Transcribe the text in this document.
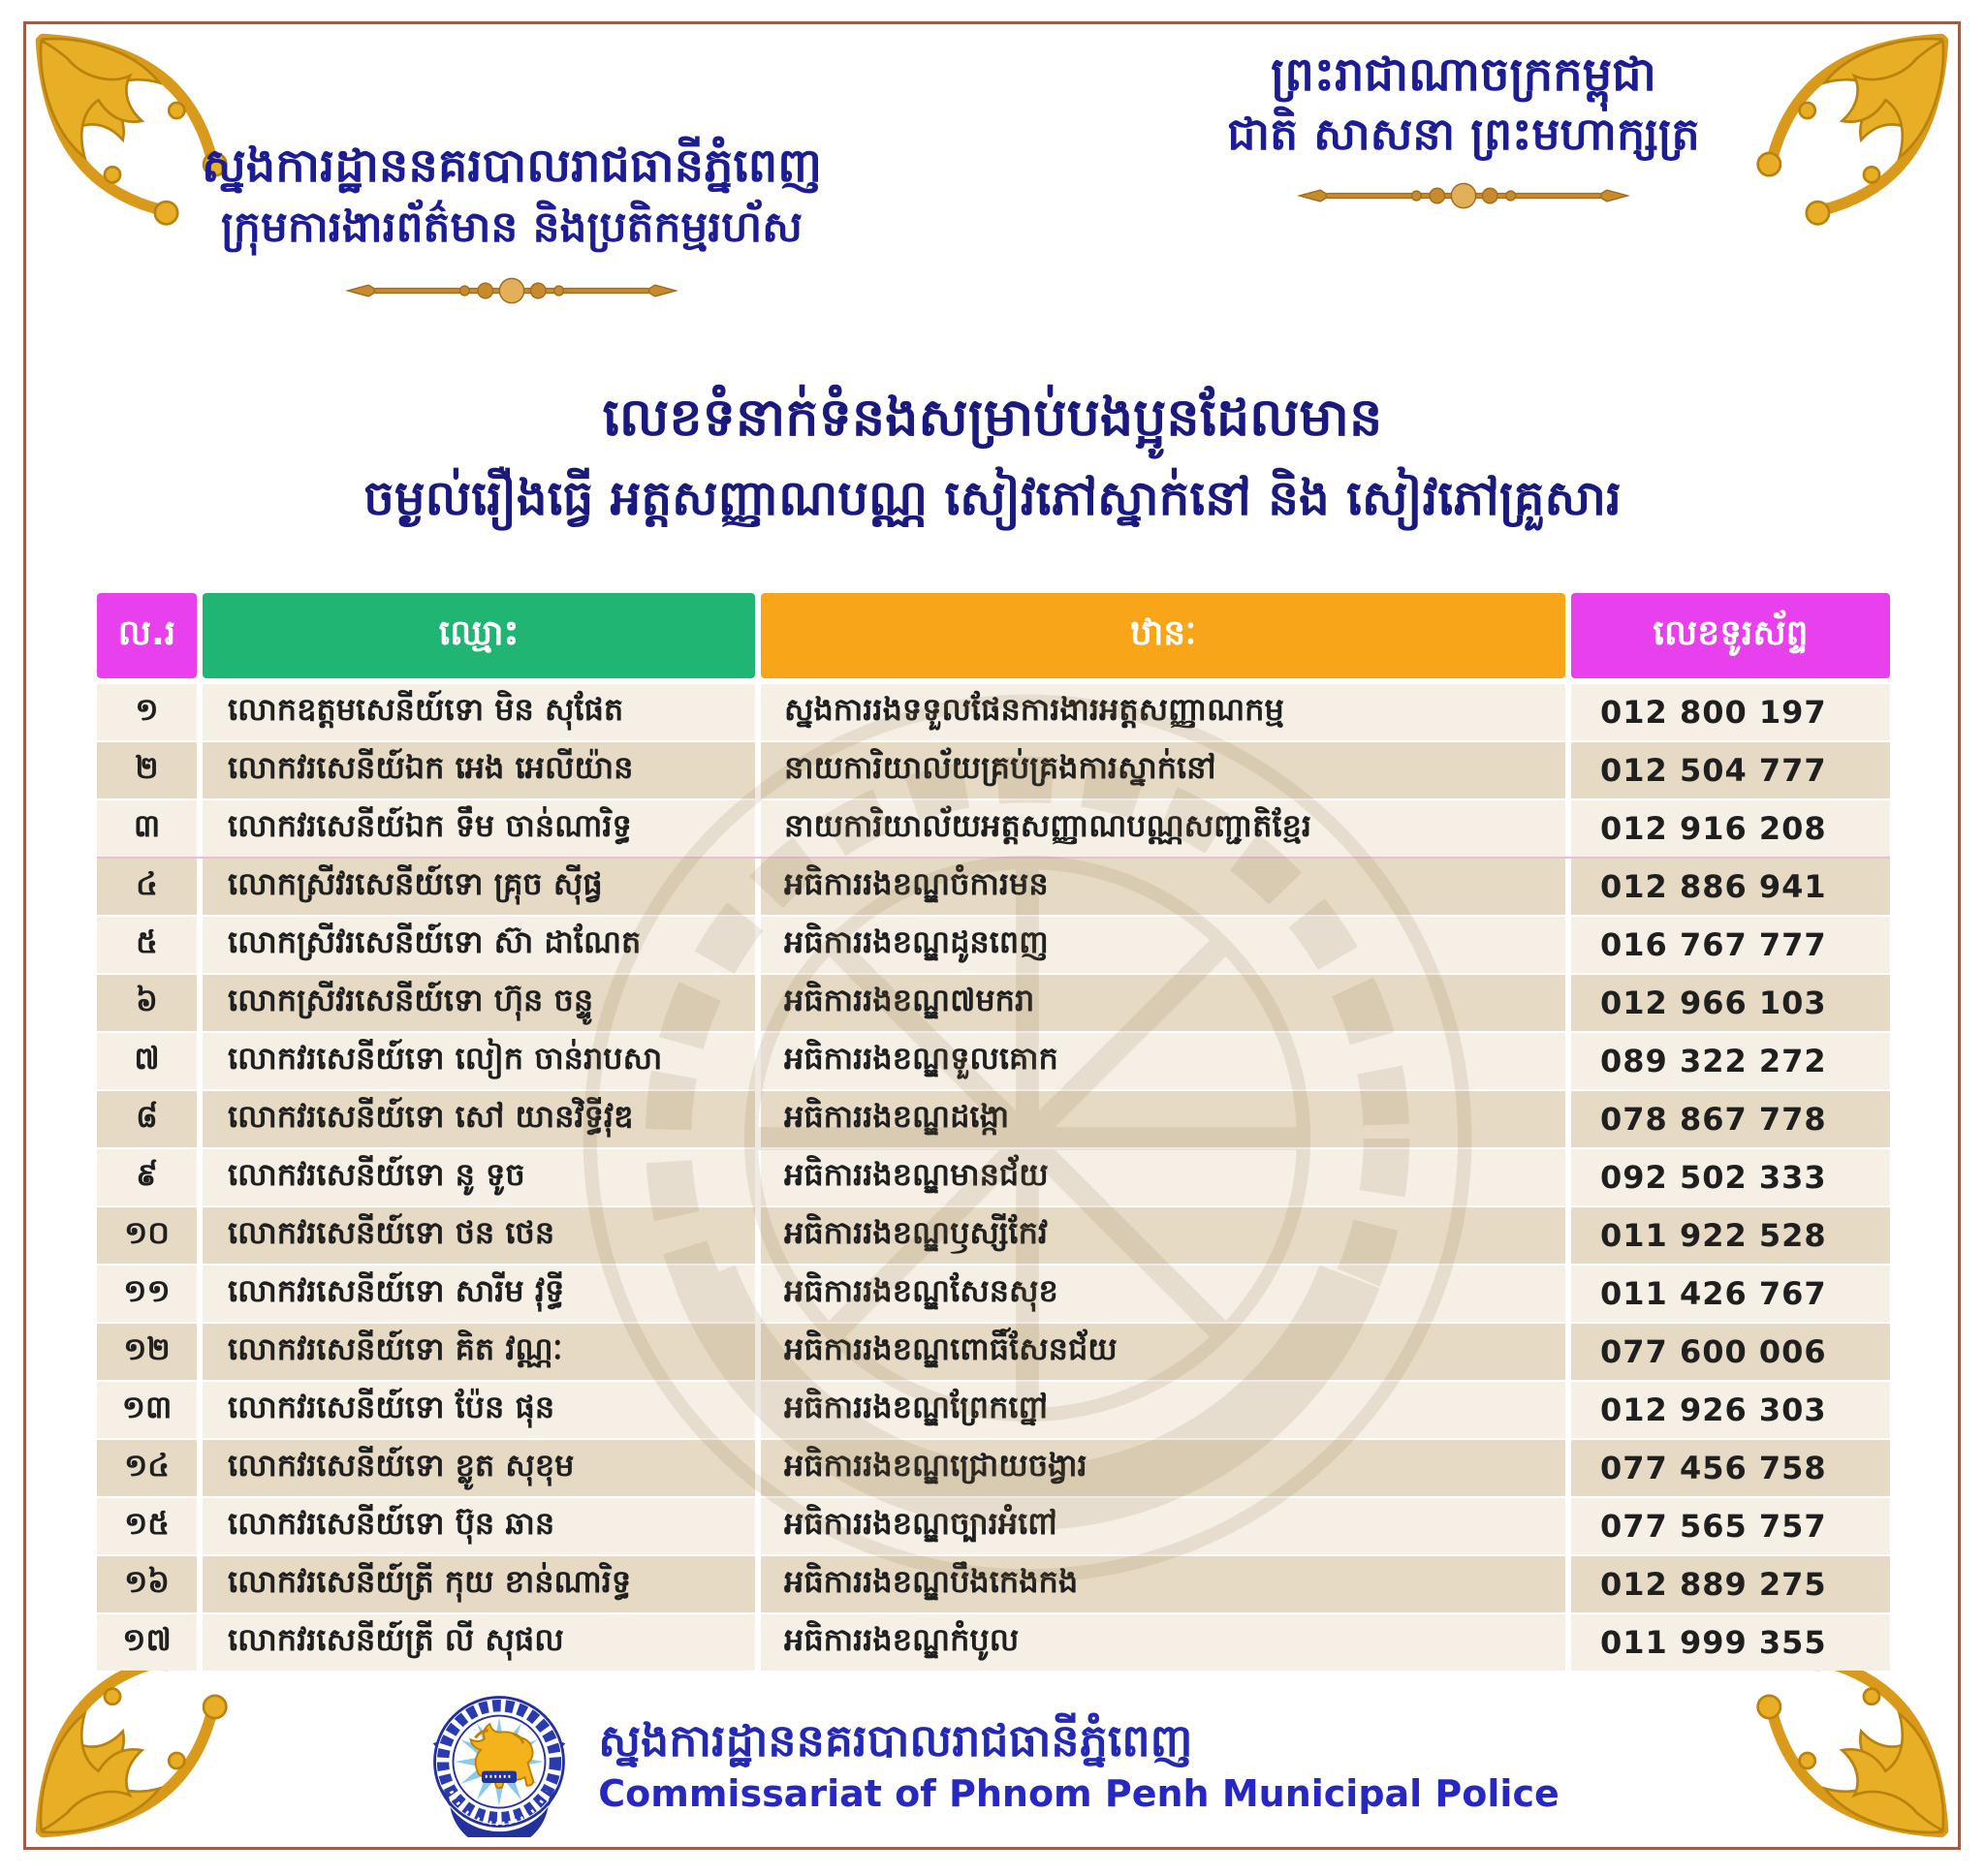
ស្នងការដ្ឋាននគរបាលរាជធានីភ្នំពេញ
ក្រុមការងារព័ត៌មាន និងប្រតិកម្មរហ័ស
ព្រះរាជាណាចក្រកម្ពុជា
ជាតិ សាសនា ព្រះមហាក្សត្រ
លេខទំនាក់ទំនងសម្រាប់បងប្អូនដែលមាន
ចម្ងល់រឿងធ្វើ អត្តសញ្ញាណបណ្ណ សៀវភៅស្នាក់នៅ និង សៀវភៅគ្រួសារ
ល.រ	ឈ្មោះ	ឋានៈ	លេខទូរស័ព្ទ
១	លោកឧត្តមសេនីយ៍ទោ មិន សុផែត	ស្នងការរងទទួលផែនការងារអត្តសញ្ញាណកម្ម	012 800 197
២	លោកវរសេនីយ៍ឯក អេង អេលីយ៉ាន	នាយការិយាល័យគ្រប់គ្រងការស្នាក់នៅ	012 504 777
៣	លោកវរសេនីយ៍ឯក ទឹម ចាន់ណារិទ្ធ	នាយការិយាល័យអត្តសញ្ញាណបណ្ណសញ្ជាតិខ្មែរ	012 916 208
៤	លោកស្រីវរសេនីយ៍ទោ គ្រុច ស៊ីផ្វ	អធិការរងខណ្ឌចំការមន	012 886 941
៥	លោកស្រីវរសេនីយ៍ទោ ស៊ា ដាណែត	អធិការរងខណ្ឌដូនពេញ	016 767 777
៦	លោកស្រីវរសេនីយ៍ទោ ហ៊ុន ចន្ទូ	អធិការរងខណ្ឌ៧មករា	012 966 103
៧	លោកវរសេនីយ៍ទោ លៀក ចាន់រាបសា	អធិការរងខណ្ឌទួលគោក	089 322 272
៨	លោកវរសេនីយ៍ទោ សៅ យានវិទ្ធីវុឌ	អធិការរងខណ្ឌដង្កោ	078 867 778
៩	លោកវរសេនីយ៍ទោ នូ ទូច	អធិការរងខណ្ឌមានជ័យ	092 502 333
១០	លោកវរសេនីយ៍ទោ ថន ថេន	អធិការរងខណ្ឌឫស្សីកែវ	011 922 528
១១	លោកវរសេនីយ៍ទោ សារីម វុទ្ធី	អធិការរងខណ្ឌសែនសុខ	011 426 767
១២	លោកវរសេនីយ៍ទោ គិត វណ្ណៈ	អធិការរងខណ្ឌពោធិ៍សែនជ័យ	077 600 006
១៣	លោកវរសេនីយ៍ទោ ប៉ែន ផុន	អធិការរងខណ្ឌព្រែកព្នៅ	012 926 303
១៤	លោកវរសេនីយ៍ទោ ខ្លូត សុខុម	អធិការរងខណ្ឌជ្រោយចង្វារ	077 456 758
១៥	លោកវរសេនីយ៍ទោ ប៊ុន ឆាន	អធិការរងខណ្ឌច្បារអំពៅ	077 565 757
១៦	លោកវរសេនីយ៍ត្រី កុយ ខាន់ណារិទ្ធ	អធិការរងខណ្ឌបឹងកេងកង	012 889 275
១៧	លោកវរសេនីយ៍ត្រី លី សុផល	អធិការរងខណ្ឌកំបូល	011 999 355
ស្នងការដ្ឋាននគរបាលរាជធានីភ្នំពេញ
Commissariat of Phnom Penh Municipal Police
